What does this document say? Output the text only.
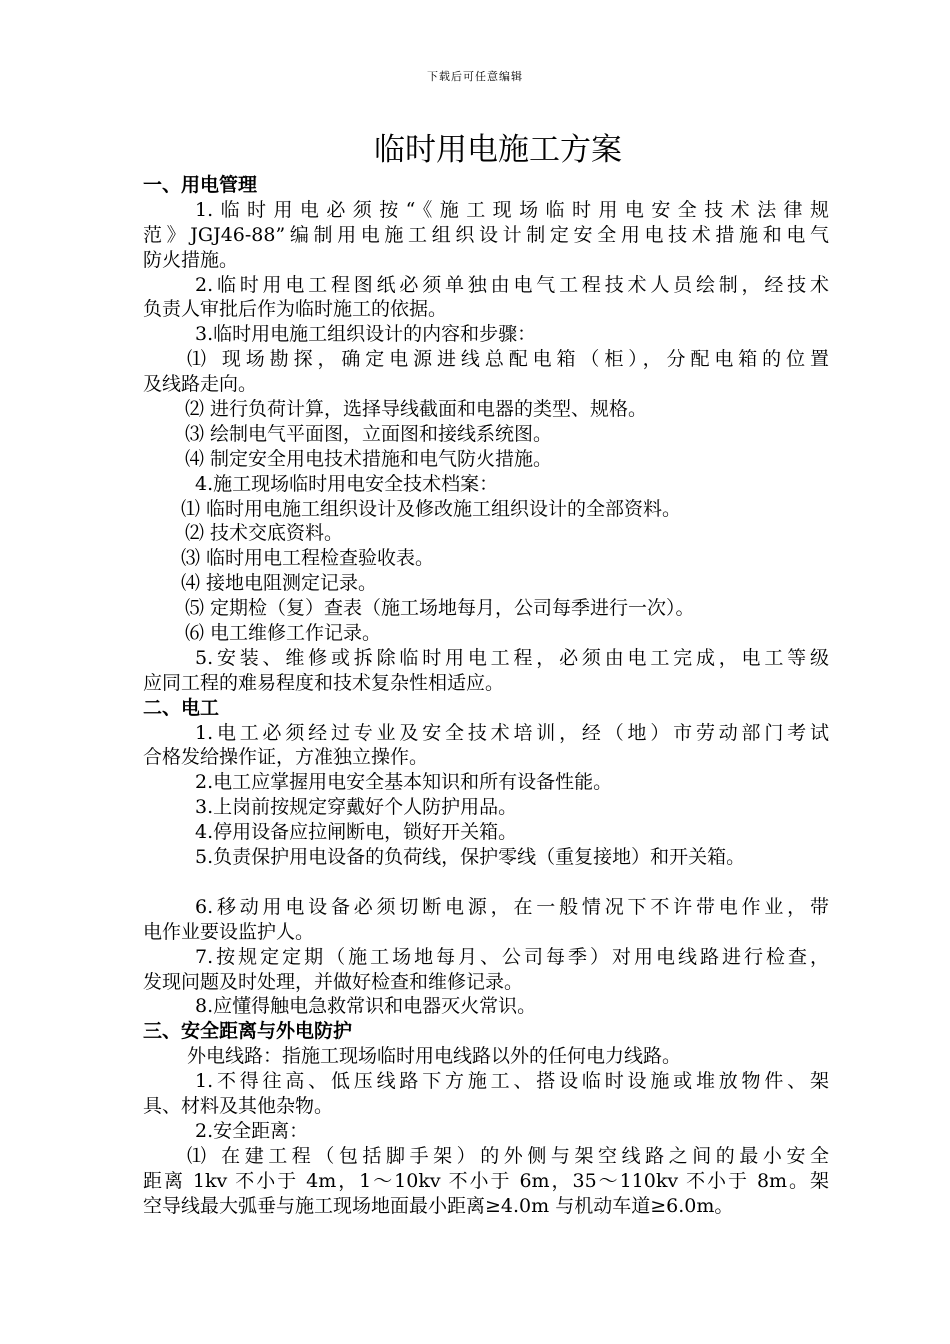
下载后可任意编辑
临时用电施工方案
一、用电管理
1.临时用电必须按“《施工现场临时用电安全技术法律规
范》JGJ46-88”编制用电施工组织设计制定安全用电技术措施和电气
防火措施。
2.临时用电工程图纸必须单独由电气工程技术人员绘制，经技术
负责人审批后作为临时施工的依据。
3.临时用电施工组织设计的内容和步骤：
⑴ 现场勘探，确定电源进线总配电箱（柜），分配电箱的位置
及线路走向。
⑵ 进行负荷计算，选择导线截面和电器的类型、规格。
⑶ 绘制电气平面图，立面图和接线系统图。
⑷ 制定安全用电技术措施和电气防火措施。
4.施工现场临时用电安全技术档案：
⑴ 临时用电施工组织设计及修改施工组织设计的全部资料。
⑵ 技术交底资料。
⑶ 临时用电工程检查验收表。
⑷ 接地电阻测定记录。
⑸ 定期检（复）查表（施工场地每月，公司每季进行一次）。
⑹ 电工维修工作记录。
5.安装、维修或拆除临时用电工程，必须由电工完成，电工等级
应同工程的难易程度和技术复杂性相适应。
二、电工
1.电工必须经过专业及安全技术培训，经（地）市劳动部门考试
合格发给操作证，方准独立操作。
2.电工应掌握用电安全基本知识和所有设备性能。
3.上岗前按规定穿戴好个人防护用品。
4.停用设备应拉闸断电，锁好开关箱。
5.负责保护用电设备的负荷线，保护零线（重复接地）和开关箱。
6.移动用电设备必须切断电源，在一般情况下不许带电作业，带
电作业要设监护人。
7.按规定定期（施工场地每月、公司每季）对用电线路进行检查，
发现问题及时处理，并做好检查和维修记录。
8.应懂得触电急救常识和电器灭火常识。
三、安全距离与外电防护
外电线路：指施工现场临时用电线路以外的任何电力线路。
1.不得往高、低压线路下方施工、搭设临时设施或堆放物件、架
具、材料及其他杂物。
2.安全距离：
⑴ 在建工程（包括脚手架）的外侧与架空线路之间的最小安全
距离 1kv 不小于 4m，1～10kv 不小于 6m，35～110kv 不小于 8m。架
空导线最大弧垂与施工现场地面最小距离≥4.0m 与机动车道≥6.0m。
